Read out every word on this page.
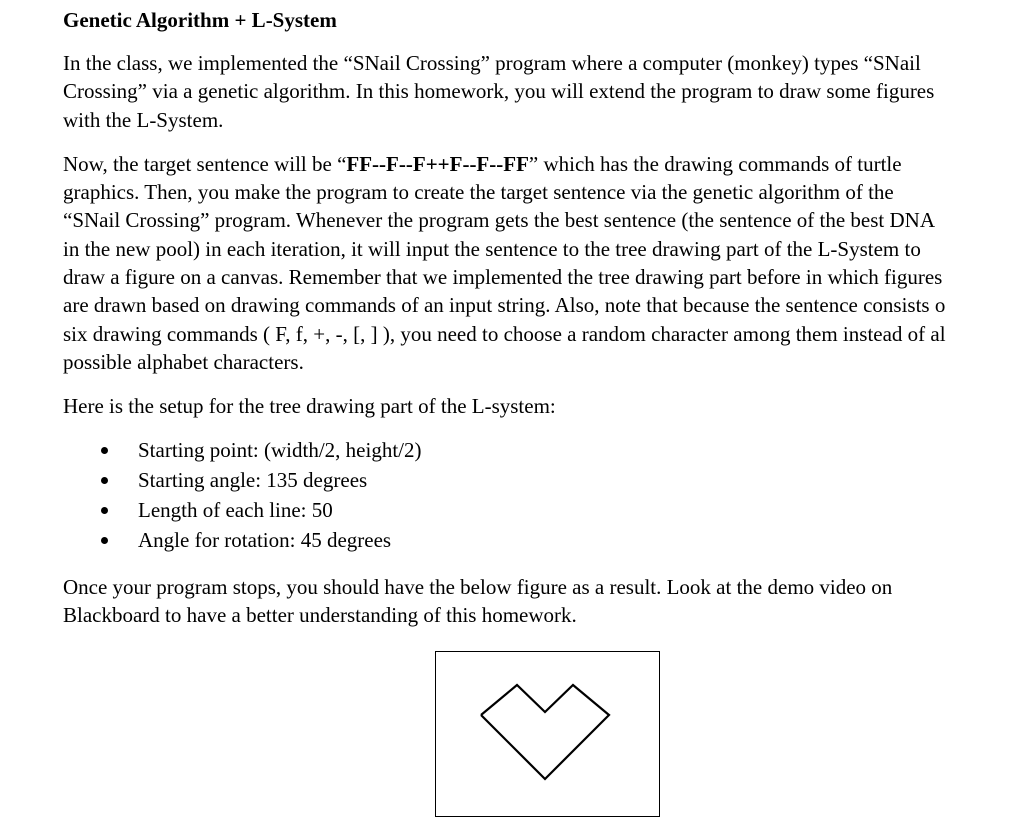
Genetic Algorithm + L-System
In the class, we implemented the “SNail Crossing” program where a computer (monkey) types “SNail
Crossing” via a genetic algorithm. In this homework, you will extend the program to draw some figures
with the L-System.
Now, the target sentence will be “FF--F--F++F--F--FF” which has the drawing commands of turtle
graphics. Then, you make the program to create the target sentence via the genetic algorithm of the
“SNail Crossing” program. Whenever the program gets the best sentence (the sentence of the best DNA
in the new pool) in each iteration, it will input the sentence to the tree drawing part of the L-System to
draw a figure on a canvas. Remember that we implemented the tree drawing part before in which figures
are drawn based on drawing commands of an input string. Also, note that because the sentence consists o
six drawing commands ( F, f, +, -, [, ] ), you need to choose a random character among them instead of al
possible alphabet characters.
Here is the setup for the tree drawing part of the L-system:
Starting point: (width/2, height/2)
Starting angle: 135 degrees
Length of each line: 50
Angle for rotation: 45 degrees
Once your program stops, you should have the below figure as a result. Look at the demo video on
Blackboard to have a better understanding of this homework.
